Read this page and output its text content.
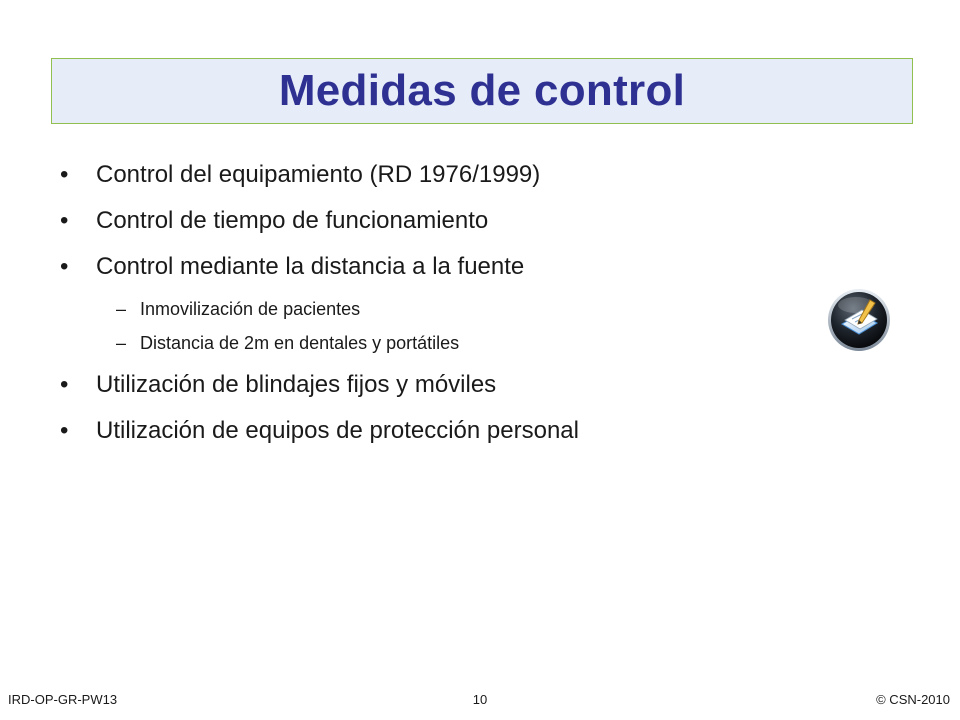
Medidas de control
• Control del equipamiento (RD 1976/1999)
• Control de tiempo de funcionamiento
• Control mediante la distancia a la fuente
– Inmovilización de pacientes
– Distancia de 2m en dentales y portátiles
• Utilización de blindajes fijos y móviles
• Utilización de equipos de protección personal
IRD-OP-GR-PW13	10	© CSN-2010
